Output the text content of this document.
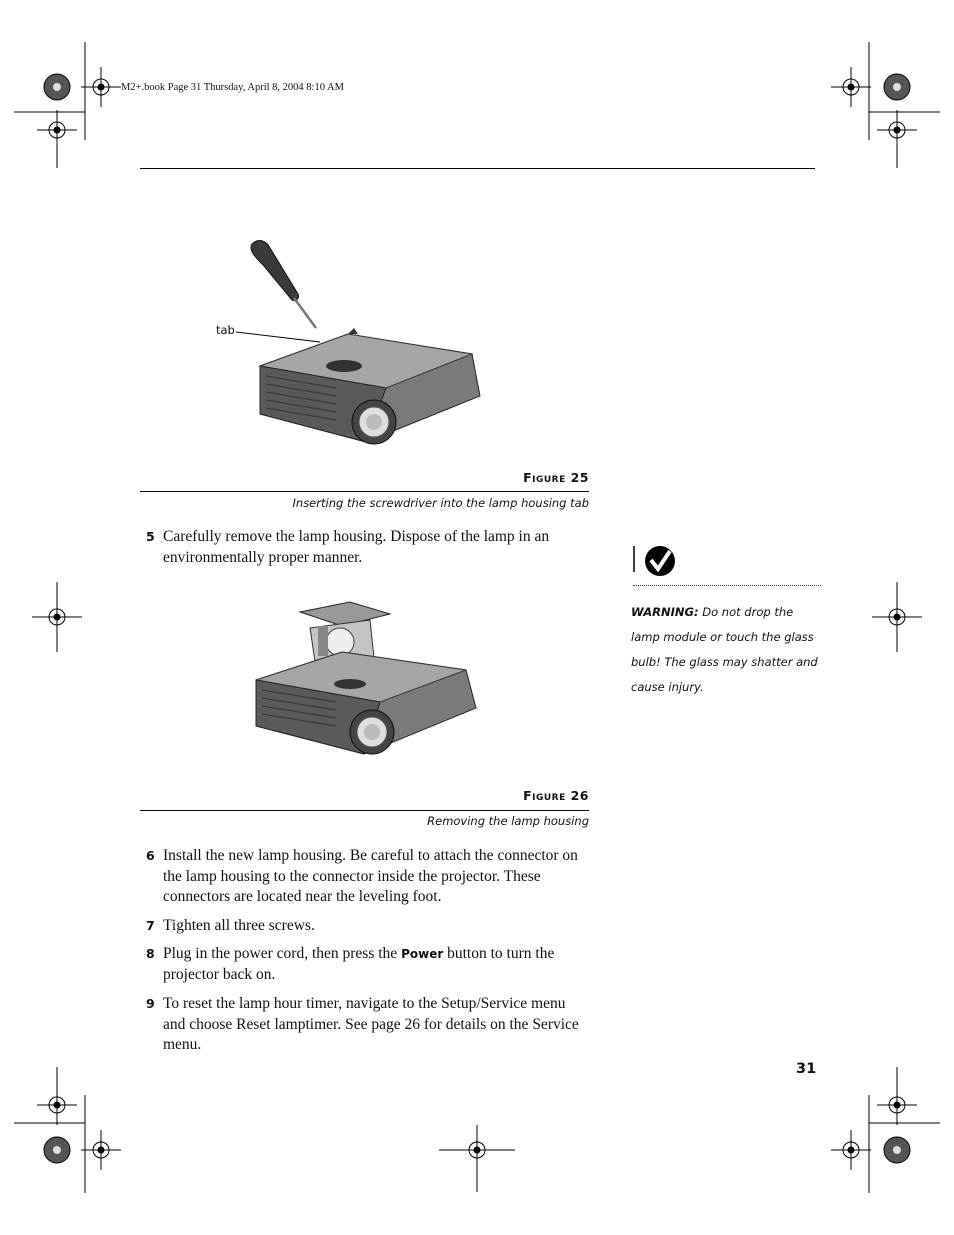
M2+.book Page 31 Thursday, April 8, 2004 8:10 AM
tab
Figure 25
Inserting the screwdriver into the lamp housing tab
5 Carefully remove the lamp housing. Dispose of the lamp in an environmentally proper manner.
Figure 26
Removing the lamp housing
6 Install the new lamp housing. Be careful to attach the connector on the lamp housing to the connector inside the projector. These connectors are located near the leveling foot.
7 Tighten all three screws.
8 Plug in the power cord, then press the Power button to turn the projector back on.
9 To reset the lamp hour timer, navigate to the Setup/Service menu and choose Reset lamptimer. See page 26 for details on the Service menu.
WARNING: Do not drop the lamp module or touch the glass bulb! The glass may shatter and cause injury.
31
